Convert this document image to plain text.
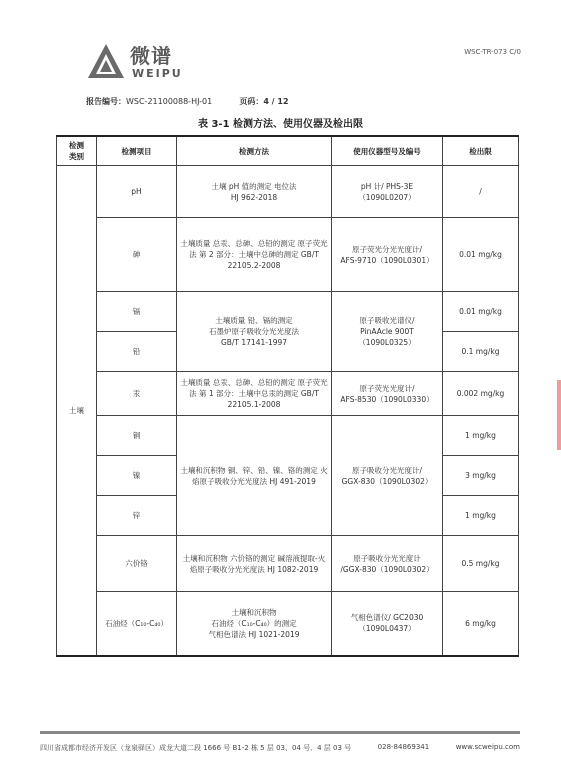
微谱
WEIPU
WSC-TR-073 C/0
报告编号：WSC-21100088-HJ-01	页码：4 / 12
表 3-1 检测方法、使用仪器及检出限
检测
类别	检测项目	检测方法	使用仪器型号及编号	检出限
土壤	pH	土壤 pH 值的测定 电位法
HJ 962-2018	pH 计/ PHS-3E
（1090L0207）	/
	砷	土壤质量 总汞、总砷、总铅的测定 原子荧光法 第 2 部分：土壤中总砷的测定 GB/T 22105.2-2008	原子荧光分光光度计/
AFS-9710（1090L0301）	0.01 mg/kg
	镉	土壤质量 铅、镉的测定
石墨炉原子吸收分光光度法
GB/T 17141-1997	原子吸收光谱仪/
PinAAcle 900T
（1090L0325）	0.01 mg/kg
	铅			0.1 mg/kg
	汞	土壤质量 总汞、总砷、总铅的测定 原子荧光法 第 1 部分：土壤中总汞的测定 GB/T 22105.1-2008	原子荧光光度计/
AFS-8530（1090L0330）	0.002 mg/kg
	铜	土壤和沉积物 铜、锌、铅、镍、铬的测定 火焰原子吸收分光光度法 HJ 491-2019	原子吸收分光光度计/
GGX-830（1090L0302）	1 mg/kg
	镍			3 mg/kg
	锌			1 mg/kg
	六价铬	土壤和沉积物 六价铬的测定 碱溶液提取-火焰原子吸收分光光度法 HJ 1082-2019	原子吸收分光光度计
/GGX-830（1090L0302）	0.5 mg/kg
	石油烃（C₁₀-C₄₀）	土壤和沉积物
石油烃（C₁₀-C₄₀）的测定
气相色谱法 HJ 1021-2019	气相色谱仪/ GC2030
（1090L0437）	6 mg/kg
四川省成都市经济开发区（龙泉驿区）成龙大道二段 1666 号 B1-2 栋 5 层 03、04 号、4 层 03 号	028-84869341	www.scweipu.com
